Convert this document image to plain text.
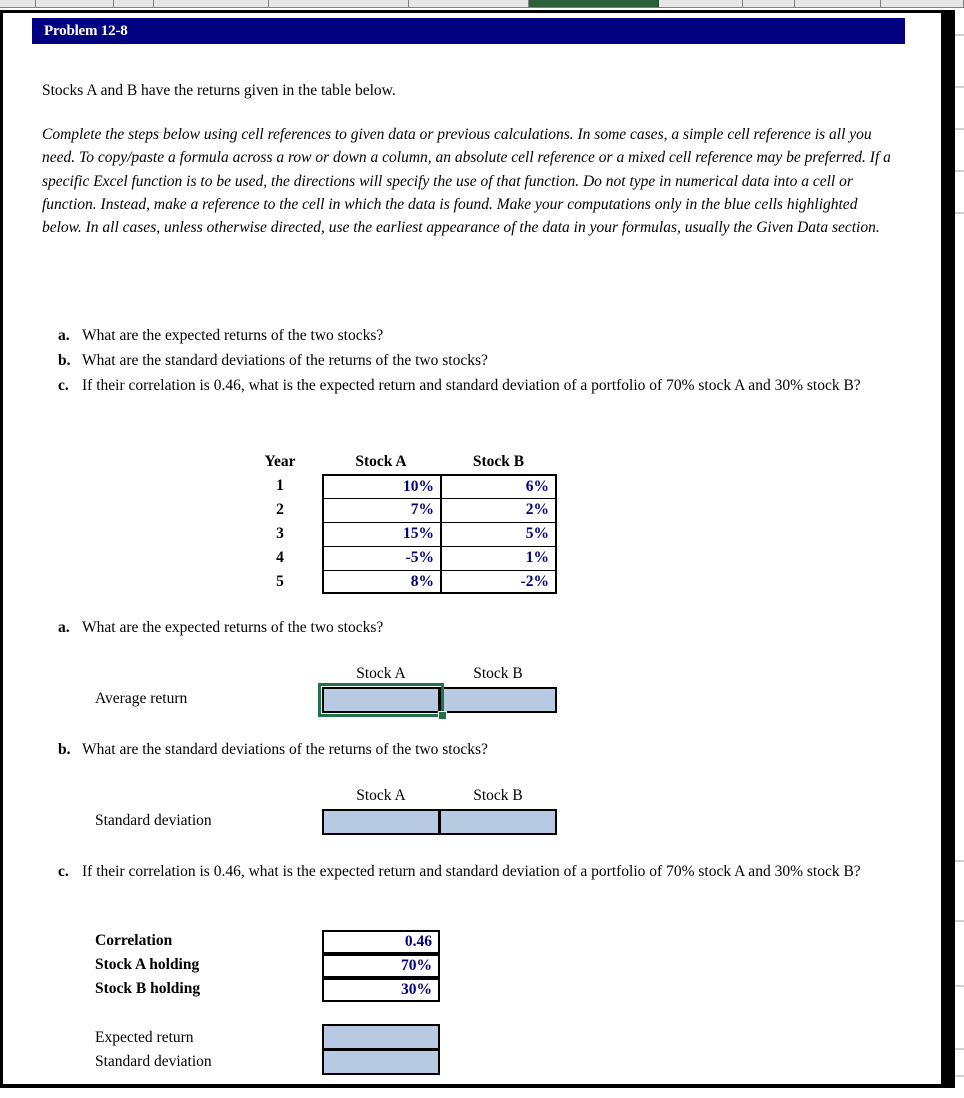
Problem 12-8
Stocks A and B have the returns given in the table below.
Complete the steps below using cell references to given data or previous calculations. In some cases, a simple cell reference is all you need. To copy/paste a formula across a row or down a column, an absolute cell reference or a mixed cell reference may be preferred. If a specific Excel function is to be used, the directions will specify the use of that function. Do not type in numerical data into a cell or function. Instead, make a reference to the cell in which the data is found. Make your computations only in the blue cells highlighted below. In all cases, unless otherwise directed, use the earliest appearance of the data in your formulas, usually the Given Data section.
a. What are the expected returns of the two stocks?
b. What are the standard deviations of the returns of the two stocks?
c. If their correlation is 0.46, what is the expected return and standard deviation of a portfolio of 70% stock A and 30% stock B?
Year	Stock A	Stock B
1	10%	6%
2	7%	2%
3	15%	5%
4	-5%	1%
5	8%	-2%
a. What are the expected returns of the two stocks?
Stock A	Stock B
Average return
b. What are the standard deviations of the returns of the two stocks?
Stock A	Stock B
Standard deviation
c. If their correlation is 0.46, what is the expected return and standard deviation of a portfolio of 70% stock A and 30% stock B?
Correlation	0.46
Stock A holding	70%
Stock B holding	30%
Expected return
Standard deviation
